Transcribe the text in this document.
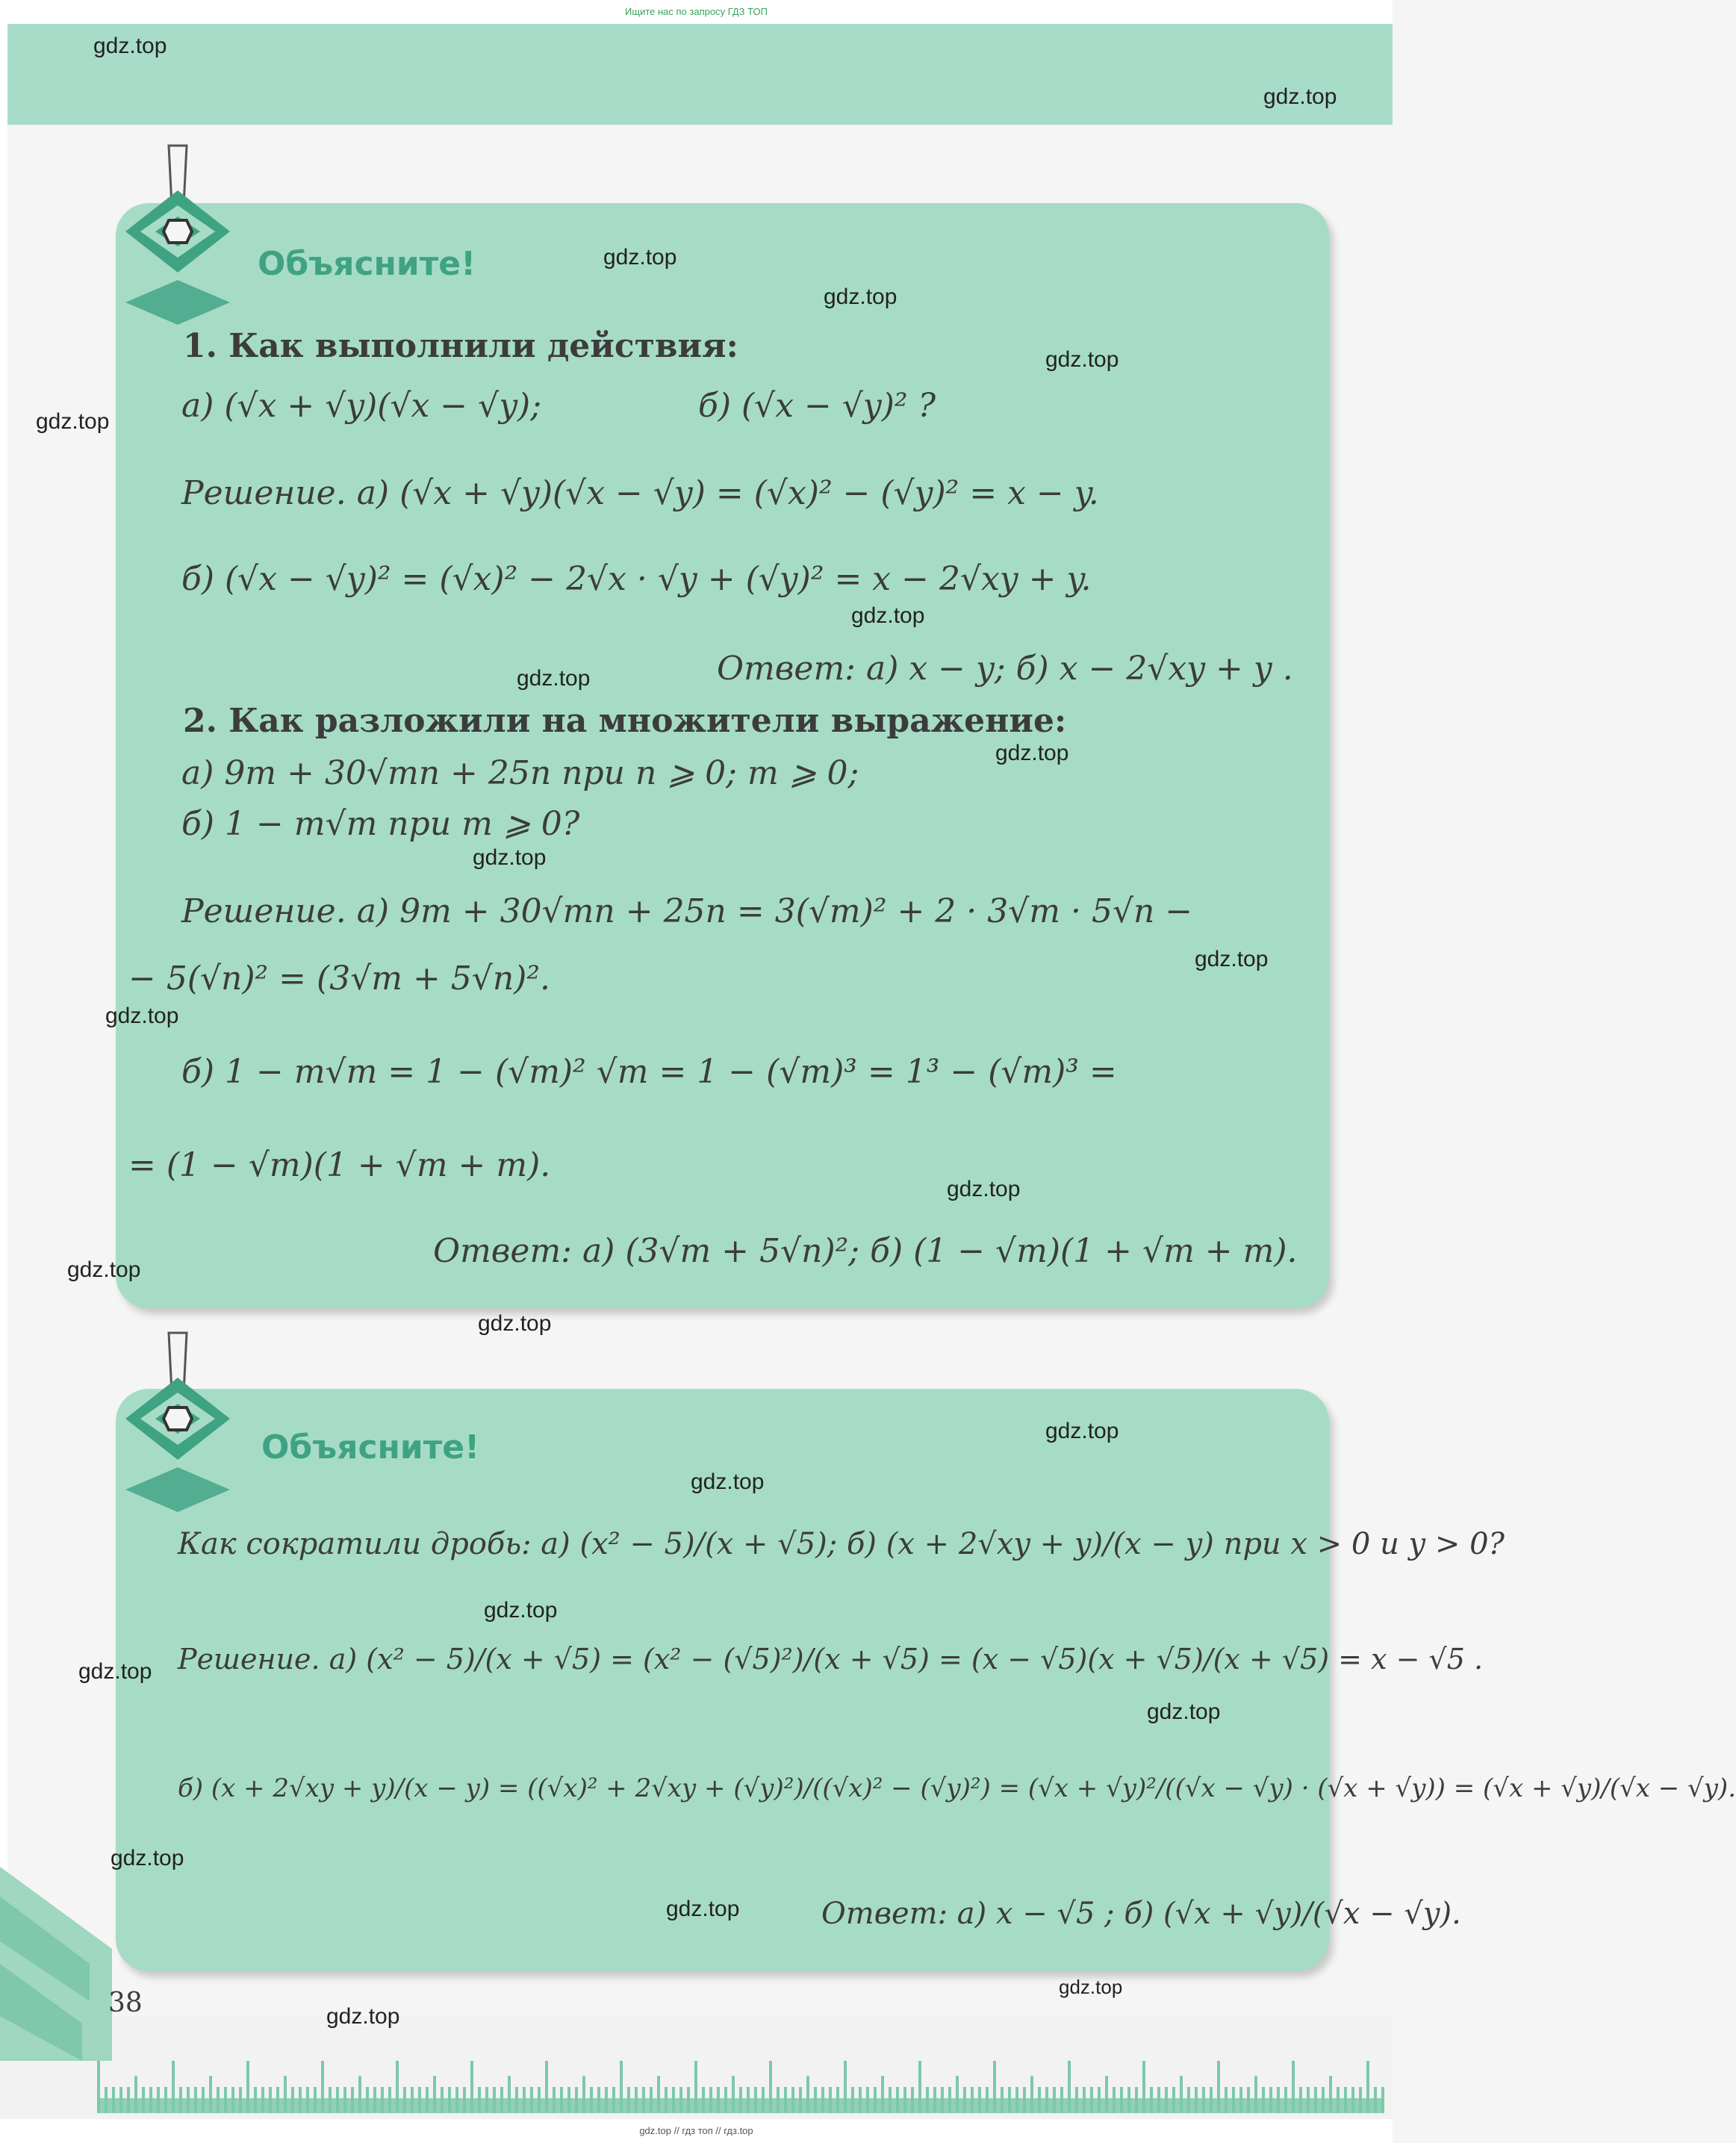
Ищите нас по запросу ГДЗ ТОП
Объясните!
1. Как выполнили действия:
а) (√x + √y)(√x − √y);	б) (√x − √y)² ?
Решение. а) (√x + √y)(√x − √y) = (√x)² − (√y)² = x − y.
б) (√x − √y)² = (√x)² − 2√x · √y + (√y)² = x − 2√xy + y.
Ответ: а) x − y; б) x − 2√xy + y .
2. Как разложили на множители выражение:
а) 9m + 30√mn + 25n при n ⩾ 0; m ⩾ 0;
б) 1 − m√m при m ⩾ 0?
Решение. а) 9m + 30√mn + 25n = 3(√m)² + 2 · 3√m · 5√n −
− 5(√n)² = (3√m + 5√n)².
б) 1 − m√m = 1 − (√m)² √m = 1 − (√m)³ = 1³ − (√m)³ =
= (1 − √m)(1 + √m + m).
Ответ: а) (3√m + 5√n)²; б) (1 − √m)(1 + √m + m).
Объясните!
Как сократили дробь: а) (x² − 5)/(x + √5); б) (x + 2√xy + y)/(x − y) при x > 0 и y > 0?
Решение. а) (x² − 5)/(x + √5) = (x² − (√5)²)/(x + √5) = (x − √5)(x + √5)/(x + √5) = x − √5 .
б) (x + 2√xy + y)/(x − y) = ((√x)² + 2√xy + (√y)²)/((√x)² − (√y)²) = (√x + √y)²/((√x − √y) · (√x + √y)) = (√x + √y)/(√x − √y).
Ответ: а) x − √5 ; б) (√x + √y)/(√x − √y).
38
gdz.top // гдз топ // гдз.top
gdz.top
gdz.top
gdz.top
gdz.top
gdz.top
gdz.top
gdz.top
gdz.top
gdz.top
gdz.top
gdz.top
gdz.top
gdz.top
gdz.top
gdz.top
gdz.top
gdz.top
gdz.top
gdz.top
gdz.top
gdz.top
gdz.top
gdz.top
gdz.top
